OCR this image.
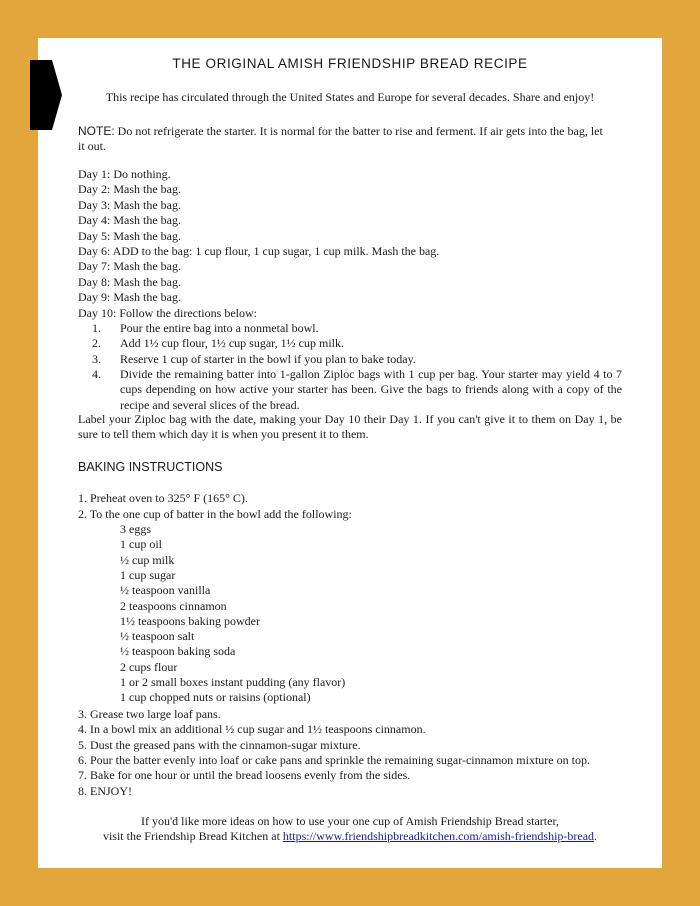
THE ORIGINAL AMISH FRIENDSHIP BREAD RECIPE
This recipe has circulated through the United States and Europe for several decades. Share and enjoy!
NOTE: Do not refrigerate the starter. It is normal for the batter to rise and ferment. If air gets into the bag, let
it out.
Day 1: Do nothing.
Day 2: Mash the bag.
Day 3: Mash the bag.
Day 4: Mash the bag.
Day 5: Mash the bag.
Day 6: ADD to the bag: 1 cup flour, 1 cup sugar, 1 cup milk. Mash the bag.
Day 7: Mash the bag.
Day 8: Mash the bag.
Day 9: Mash the bag.
Day 10: Follow the directions below:
1. Pour the entire bag into a nonmetal bowl.
2. Add 1½ cup flour, 1½ cup sugar, 1½ cup milk.
3. Reserve 1 cup of starter in the bowl if you plan to bake today.
4. Divide the remaining batter into 1-gallon Ziploc bags with 1 cup per bag. Your starter may yield 4 to 7 cups depending on how active your starter has been. Give the bags to friends along with a copy of the recipe and several slices of the bread.
Label your Ziploc bag with the date, making your Day 10 their Day 1. If you can't give it to them on Day 1, be sure to tell them which day it is when you present it to them.
BAKING INSTRUCTIONS
1. Preheat oven to 325° F (165° C).
2. To the one cup of batter in the bowl add the following:
3 eggs
1 cup oil
½ cup milk
1 cup sugar
½ teaspoon vanilla
2 teaspoons cinnamon
1½ teaspoons baking powder
½ teaspoon salt
½ teaspoon baking soda
2 cups flour
1 or 2 small boxes instant pudding (any flavor)
1 cup chopped nuts or raisins (optional)
3. Grease two large loaf pans.
4. In a bowl mix an additional ½ cup sugar and 1½ teaspoons cinnamon.
5. Dust the greased pans with the cinnamon-sugar mixture.
6. Pour the batter evenly into loaf or cake pans and sprinkle the remaining sugar-cinnamon mixture on top.
7. Bake for one hour or until the bread loosens evenly from the sides.
8. ENJOY!
If you'd like more ideas on how to use your one cup of Amish Friendship Bread starter,
visit the Friendship Bread Kitchen at https://www.friendshipbreadkitchen.com/amish-friendship-bread.
